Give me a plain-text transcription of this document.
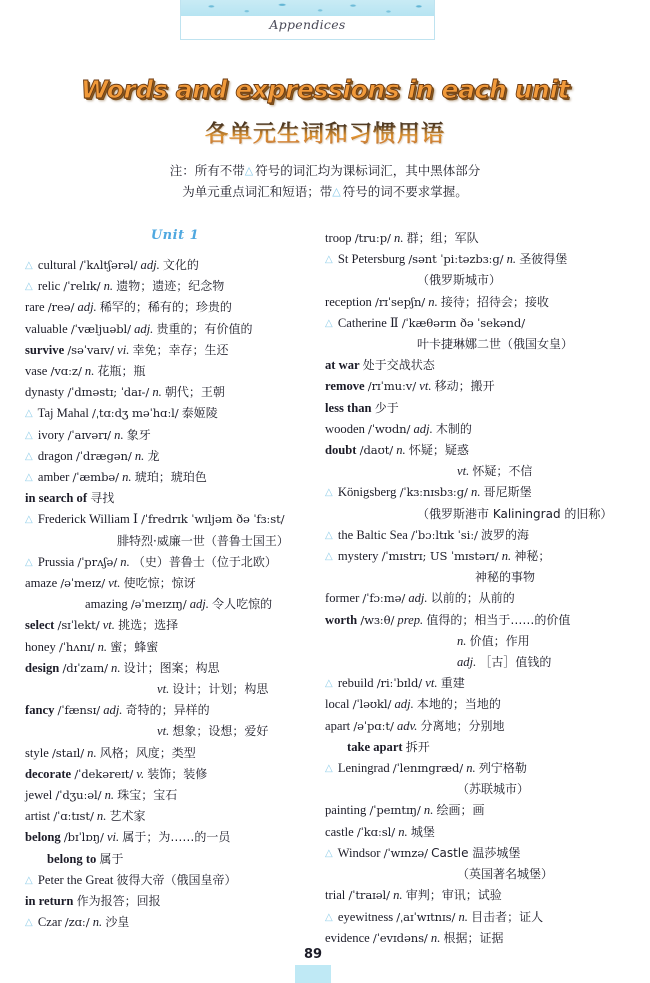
Appendices
Words and expressions in each unit
各单元生词和习惯用语
注：所有不带△ 符号的词汇均为课标词汇，其中黑体部分
为单元重点词汇和短语；带△ 符号的词不要求掌握。
Unit 1
△ cultural /ˈkʌltʃərəl/ adj. 文化的
△ relic /ˈrelɪk/ n. 遗物；遗迹；纪念物
rare /reə/ adj. 稀罕的；稀有的；珍贵的
valuable /ˈvæljuəbl/ adj. 贵重的；有价值的
survive /səˈvaɪv/ vi. 幸免；幸存；生还
vase /vɑːz/ n. 花瓶；瓶
dynasty /ˈdɪnəstɪ; ˈdaɪ-/ n. 朝代；王朝
△ Taj Mahal /ˌtɑːdʒ məˈhɑːl/ 泰姬陵
△ ivory /ˈaɪvərɪ/ n. 象牙
△ dragon /ˈdrægən/ n. 龙
△ amber /ˈæmbə/ n. 琥珀；琥珀色
in search of 寻找
△ Frederick William Ⅰ /ˈfredrɪk ˈwɪljəm ðə ˈfɜːst/
腓特烈·威廉一世（普鲁士国王）
△ Prussia /ˈprʌʃə/ n. （史）普鲁士（位于北欧）
amaze /əˈmeɪz/ vt. 使吃惊；惊讶
amazing /əˈmeɪzɪŋ/ adj. 令人吃惊的
select /sɪˈlekt/ vt. 挑选；选择
honey /ˈhʌnɪ/ n. 蜜；蜂蜜
design /dɪˈzaɪn/ n. 设计；图案；构思
vt. 设计；计划；构思
fancy /ˈfænsɪ/ adj. 奇特的；异样的
vt. 想象；设想；爱好
style /staɪl/ n. 风格；风度；类型
decorate /ˈdekəreɪt/ v. 装饰；装修
jewel /ˈdʒuːəl/ n. 珠宝；宝石
artist /ˈɑːtɪst/ n. 艺术家
belong /bɪˈlɒŋ/ vi. 属于；为……的一员
belong to 属于
△ Peter the Great 彼得大帝（俄国皇帝）
in return 作为报答；回报
△ Czar /zɑː/ n. 沙皇
troop /truːp/ n. 群；组；军队
△ St Petersburg /sənt ˈpiːtəzbɜːg/ n. 圣彼得堡
（俄罗斯城市）
reception /rɪˈsepʃn/ n. 接待；招待会；接收
△ Catherine Ⅱ /ˈkæθərɪn ðə ˈsekənd/
叶卡捷琳娜二世（俄国女皇）
at war 处于交战状态
remove /rɪˈmuːv/ vt. 移动；搬开
less than 少于
wooden /ˈwʊdn/ adj. 木制的
doubt /daʊt/ n. 怀疑；疑惑
vt. 怀疑；不信
△ Königsberg /ˈkɜːnɪsbɜːg/ n. 哥尼斯堡
（俄罗斯港市 Kaliningrad 的旧称）
△ the Baltic Sea /ˈbɔːltɪk ˈsiː/ 波罗的海
△ mystery /ˈmɪstrɪ; US ˈmɪstərɪ/ n. 神秘；
神秘的事物
former /ˈfɔːmə/ adj. 以前的；从前的
worth /wɜːθ/ prep. 值得的；相当于……的价值
n. 价值；作用
adj. ［古］值钱的
△ rebuild /riːˈbɪld/ vt. 重建
local /ˈləʊkl/ adj. 本地的；当地的
apart /əˈpɑːt/ adv. 分离地；分别地
take apart 拆开
△ Leningrad /ˈlenɪngræd/ n. 列宁格勒
（苏联城市）
painting /ˈpeɪntɪŋ/ n. 绘画；画
castle /ˈkɑːsl/ n. 城堡
△ Windsor /ˈwɪnzə/ Castle 温莎城堡
（英国著名城堡）
trial /ˈtraɪəl/ n. 审判；审讯；试验
△ eyewitness /ˌaɪˈwɪtnɪs/ n. 目击者；证人
evidence /ˈevɪdəns/ n. 根据；证据
89
